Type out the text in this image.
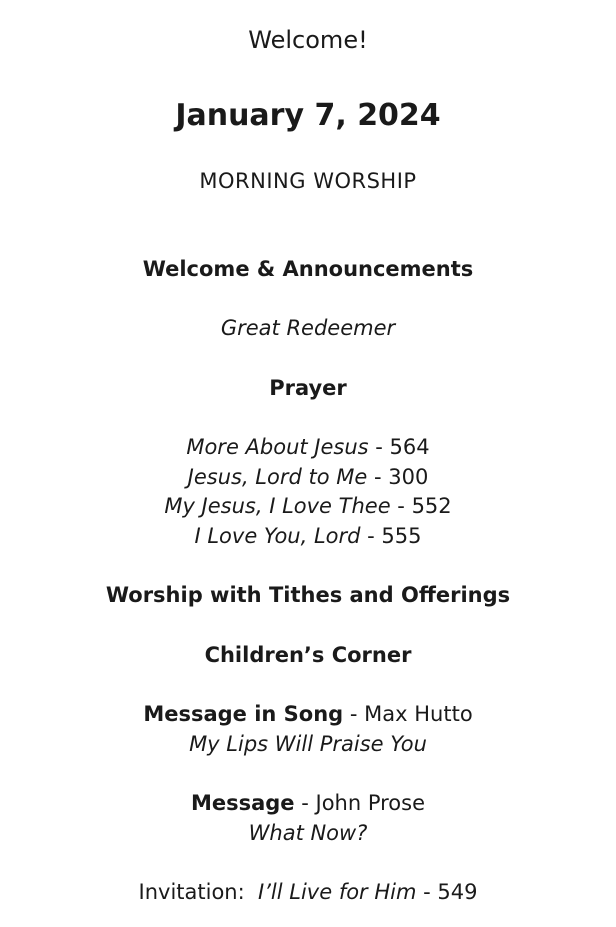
Welcome!
January 7, 2024
MORNING WORSHIP
Welcome & Announcements
Great Redeemer
Prayer
More About Jesus - 564
Jesus, Lord to Me - 300
My Jesus, I Love Thee - 552
I Love You, Lord - 555
Worship with Tithes and Offerings
Children’s Corner
Message in Song - Max Hutto
My Lips Will Praise You
Message - John Prose
What Now?
Invitation: I’ll Live for Him - 549
